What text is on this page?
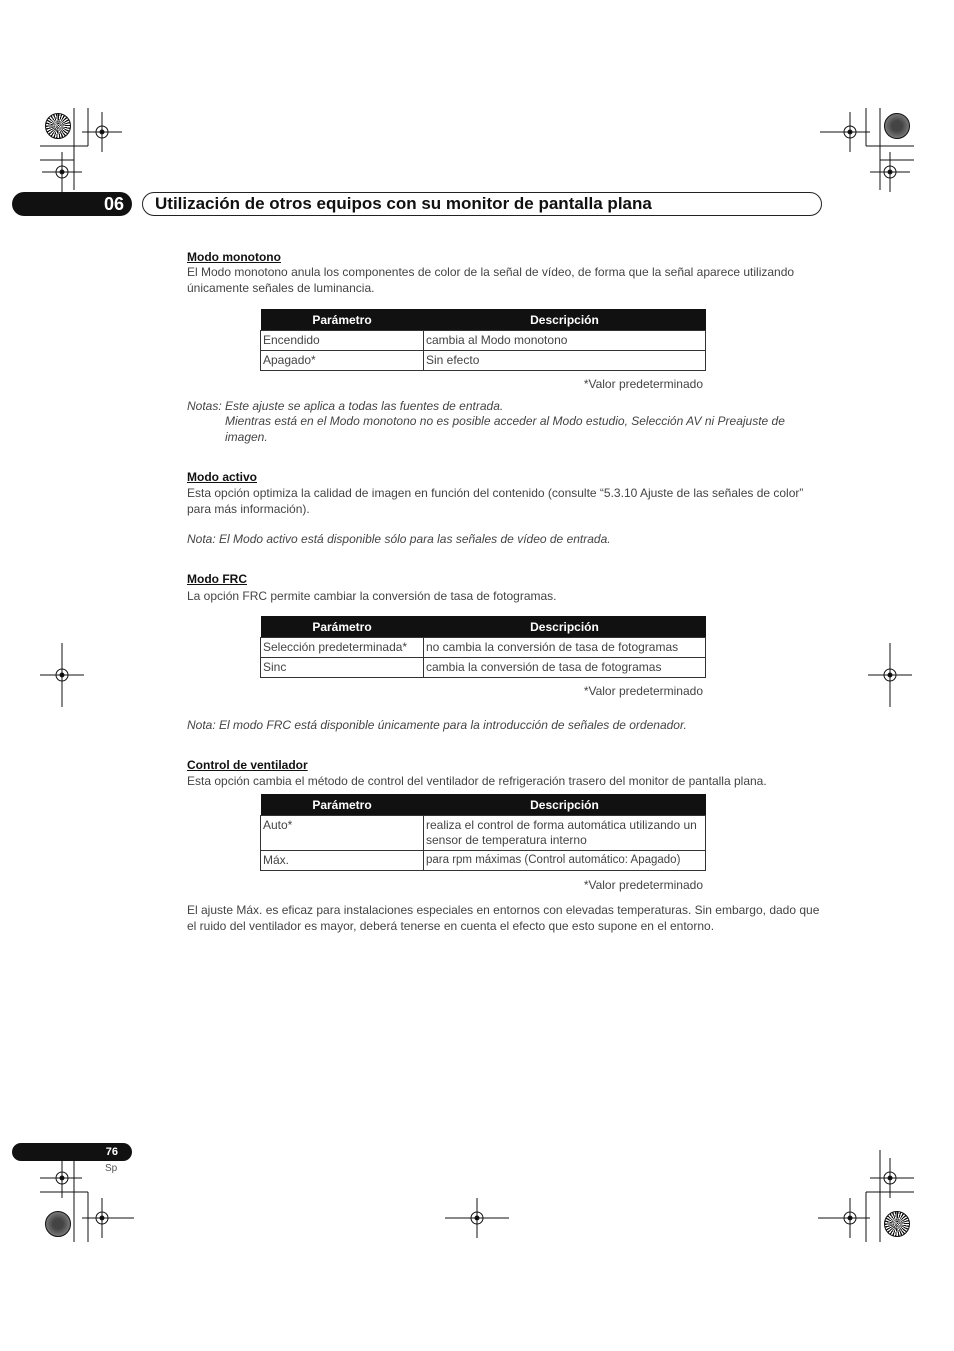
06	Utilización de otros equipos con su monitor de pantalla plana
Modo monotono
El Modo monotono anula los componentes de color de la señal de vídeo, de forma que la señal aparece utilizando únicamente señales de luminancia.
Parámetro	Descripción
Encendido	cambia al Modo monotono
Apagado*	Sin efecto
*Valor predeterminado
Notas: Este ajuste se aplica a todas las fuentes de entrada.
Mientras está en el Modo monotono no es posible acceder al Modo estudio, Selección AV ni Preajuste de imagen.
Modo activo
Esta opción optimiza la calidad de imagen en función del contenido (consulte “5.3.10 Ajuste de las señales de color” para más información).
Nota: El Modo activo está disponible sólo para las señales de vídeo de entrada.
Modo FRC
La opción FRC permite cambiar la conversión de tasa de fotogramas.
Parámetro	Descripción
Selección predeterminada*	no cambia la conversión de tasa de fotogramas
Sinc	cambia la conversión de tasa de fotogramas
*Valor predeterminado
Nota: El modo FRC está disponible únicamente para la introducción de señales de ordenador.
Control de ventilador
Esta opción cambia el método de control del ventilador de refrigeración trasero del monitor de pantalla plana.
Parámetro	Descripción
Auto*	realiza el control de forma automática utilizando un sensor de temperatura interno
Máx.	para rpm máximas (Control automático: Apagado)
*Valor predeterminado
El ajuste Máx. es eficaz para instalaciones especiales en entornos con elevadas temperaturas. Sin embargo, dado que el ruido del ventilador es mayor, deberá tenerse en cuenta el efecto que esto supone en el entorno.
76
Sp
